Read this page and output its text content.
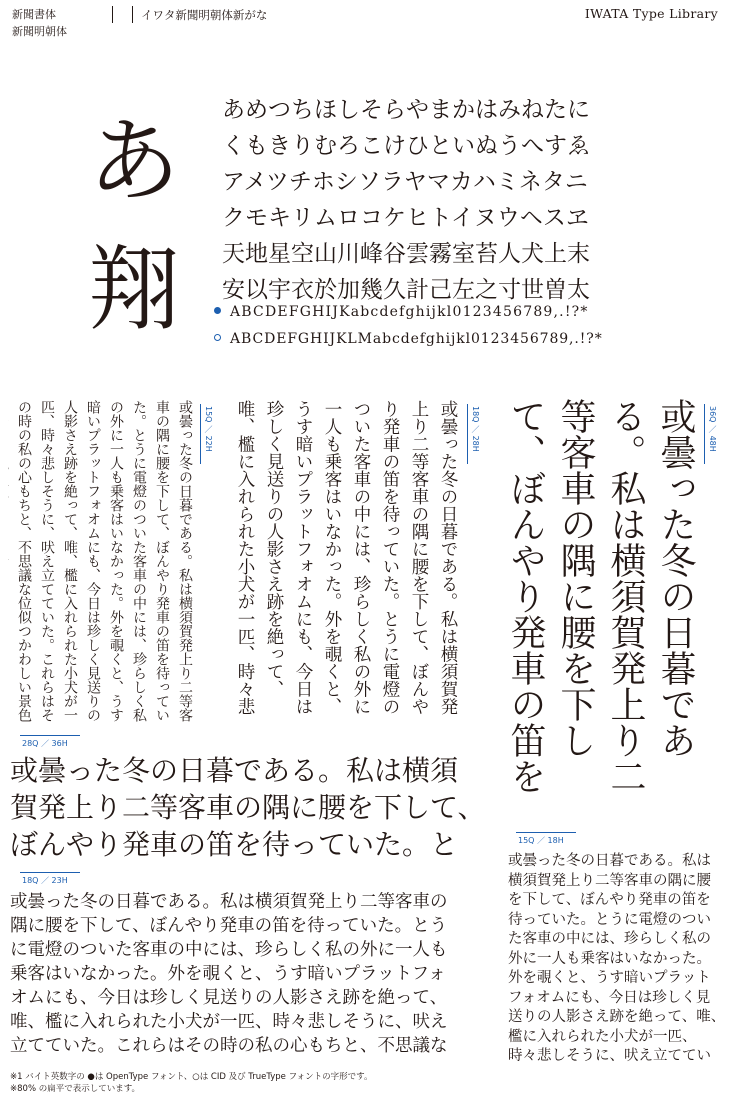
新聞書体
新聞明朝体
イワタ新聞明朝体新がな	IWATA Type Library
あ
翔
あめつちほしそらやまかはみねたに
くもきりむろこけひといぬうへすゑ
アメツチホシソラヤマカハミネタニ
クモキリムロコケヒトイヌウヘスヱ
天地星空山川峰谷雲霧室苔人犬上末
安以宇衣於加幾久計己左之寸世曽太
ABCDEFGHIJKabcdefghijkl0123456789,.!?*
ABCDEFGHIJKLMabcdefghijkl0123456789,.!?*
36Q ／ 48H
或曇った冬の日暮である。私は横須賀発上り二等客車の隅に腰を下して、ぼんやり発車の笛を
18Q ／ 28H
或曇った冬の日暮である。私は横須賀発上り二等客車の隅に腰を下して、ぼんやり発車の笛を待っていた。とうに電燈のついた客車の中には、珍らしく私の外に一人も乗客はいなかった。外を覗くと、うす暗いプラットフォオムにも、今日は珍しく見送りの人影さえ跡を絶って、唯、檻に入れられた小犬が一匹、時々悲
15Q ／ 22H
或曇った冬の日暮である。私は横須賀発上り二等客車の隅に腰を下して、ぼんやり発車の笛を待っていた。とうに電燈のついた客車の中には、珍らしく私の外に一人も乗客はいなかった。外を覗くと、うす暗いプラットフォオムにも、今日は珍しく見送りの人影さえ跡を絶って、唯、檻に入れられた小犬が一匹、時々悲しそうに、吠え立てていた。これらはその時の私の心もちと、不思議な位似つかわしい景色
28Q ／ 36H
或曇った冬の日暮である。私は横須
賀発上り二等客車の隅に腰を下して、
ぼんやり発車の笛を待っていた。と
18Q ／ 23H
或曇った冬の日暮である。私は横須賀発上り二等客車の
隅に腰を下して、ぼんやり発車の笛を待っていた。とう
に電燈のついた客車の中には、珍らしく私の外に一人も
乗客はいなかった。外を覗くと、うす暗いプラットフォ
オムにも、今日は珍しく見送りの人影さえ跡を絶って、
唯、檻に入れられた小犬が一匹、時々悲しそうに、吠え
立てていた。これらはその時の私の心もちと、不思議な
15Q ／ 18H
或曇った冬の日暮である。私は
横須賀発上り二等客車の隅に腰
を下して、ぼんやり発車の笛を
待っていた。とうに電燈のつい
た客車の中には、珍らしく私の
外に一人も乗客はいなかった。
外を覗くと、うす暗いプラット
フォオムにも、今日は珍しく見
送りの人影さえ跡を絶って、唯、
檻に入れられた小犬が一匹、
時々悲しそうに、吠え立ててい
※1 バイト英数字の ●は OpenType フォント、○は CID 及び TrueType フォントの字形です。
※80% の扁平で表示しています。
